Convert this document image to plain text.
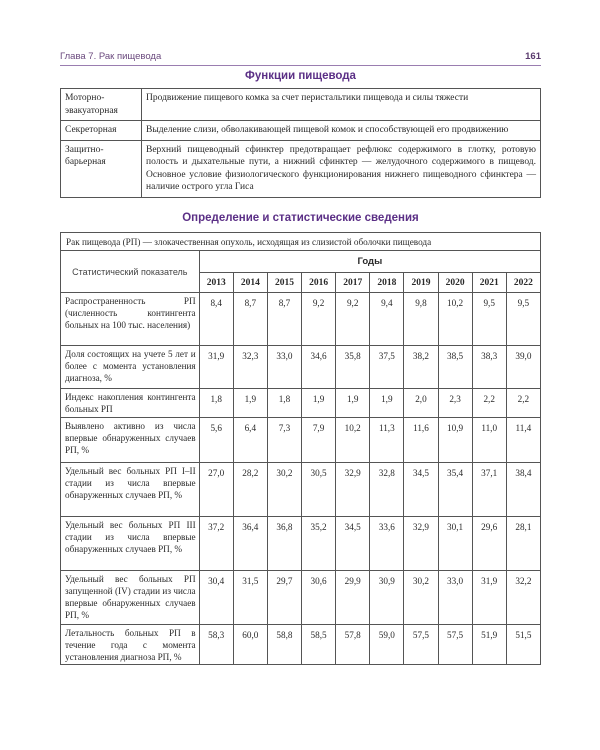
Глава 7. Рак пищевода	161
Функции пищевода
Моторно-эвакуаторная	Продвижение пищевого комка за счет перистальтики пищевода и силы тяжести
Секреторная	Выделение слизи, обволакивающей пищевой комок и способствующей его продвижению
Защитно-барьерная	Верхний пищеводный сфинктер предотвращает рефлюкс содержимого в глотку, ротовую полость и дыхательные пути, а нижний сфинктер — желудочного содержимого в пищевод. Основное условие физиологического функционирования нижнего пищеводного сфинктера — наличие острого угла Гиса
Определение и статистические сведения
Рак пищевода (РП) — злокачественная опухоль, исходящая из слизистой оболочки пищевода										
Статистический показатель	Годы									
	2013	2014	2015	2016	2017	2018	2019	2020	2021	2022
Распространенность РП (численность контингента больных на 100 тыс. населения)	8,4	8,7	8,7	9,2	9,2	9,4	9,8	10,2	9,5	9,5
Доля состоящих на учете 5 лет и более с момента установления диагноза, %	31,9	32,3	33,0	34,6	35,8	37,5	38,2	38,5	38,3	39,0
Индекс накопления контингента больных РП	1,8	1,9	1,8	1,9	1,9	1,9	2,0	2,3	2,2	2,2
Выявлено активно из числа впервые обнаруженных случаев РП, %	5,6	6,4	7,3	7,9	10,2	11,3	11,6	10,9	11,0	11,4
Удельный вес больных РП I–II стадии из числа впервые обнаруженных случаев РП, %	27,0	28,2	30,2	30,5	32,9	32,8	34,5	35,4	37,1	38,4
Удельный вес больных РП III стадии из числа впервые обнаруженных случаев РП, %	37,2	36,4	36,8	35,2	34,5	33,6	32,9	30,1	29,6	28,1
Удельный вес больных РП запущенной (IV) стадии из числа впервые обнаруженных случаев РП, %	30,4	31,5	29,7	30,6	29,9	30,9	30,2	33,0	31,9	32,2
Летальность больных РП в течение года с момента установления диагноза РП, %	58,3	60,0	58,8	58,5	57,8	59,0	57,5	57,5	51,9	51,5
